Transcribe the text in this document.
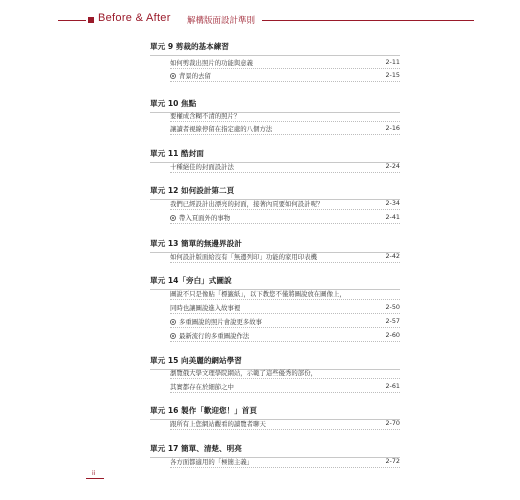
Before & After 解構版面設計準則
單元 9 剪裁的基本練習
如何剪裁出照片的功能與意義	2-11
背景的去留	2-15
單元 10 焦點
要權成含糊不清的照片？
讓讀者視線停留在指定處的八個方法	2-16
單元 11 酷封面
十種絕佳的封面設計法	2-24
單元 12 如何設計第二頁
我們已經設計出漂亮的封面，接著內頁要如何設計呢？	2-34
帶入頁面外的事物	2-41
單元 13 簡單的無邊界設計
如何設計版面給沒有「無邊列印」功能的家用印表機	2-42
單元 14「旁白」式圖說
圖說不只是像貼「標籤紙」，以下教您不僅將圖說放在圖像上，
同時也讓圖說進入故事裡	2-50
多重圖說的照片會說更多故事	2-57
最新流行的多重圖說作法	2-60
單元 15 向美麗的網站學習
瀏覽俄大學文理學院網站，示範了這些優秀的部份，
其實都存在於細節之中	2-61
單元 16 製作「歡迎您！」首頁
跟所有上您網站觀看的讀覽者聊天	2-70
單元 17 簡單、清楚、明亮
各方面都適用的「極簡主義」	2-72
ii
